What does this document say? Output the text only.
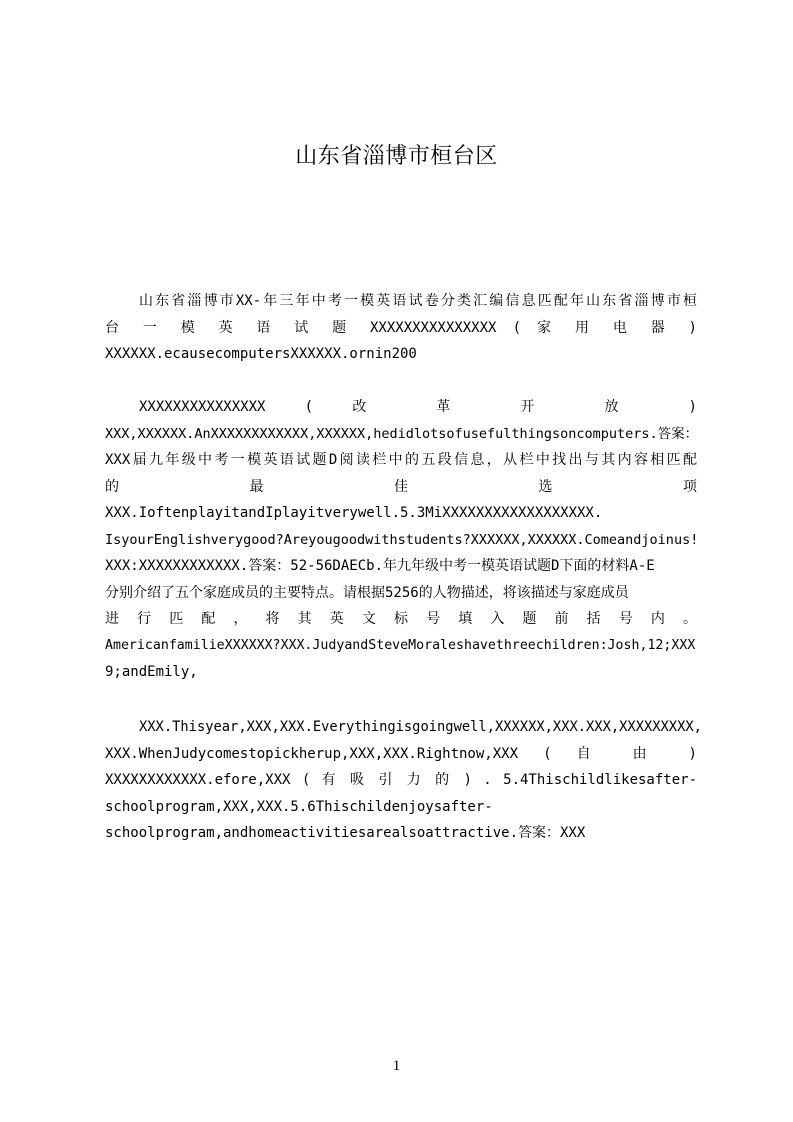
山东省淄博市桓台区
山东省淄博市XX-年三年中考一模英语试卷分类汇编信息匹配年山东省淄博市桓
台 一 模 英 语 试 题 XXXXXXXXXXXXXXX ( 家 用 电 器 )
XXXXXX.ecausecomputersXXXXXX.ornin200
XXXXXXXXXXXXXXX ( 改 革 开 放 )
XXX,XXXXXX.AnXXXXXXXXXXXX,XXXXXX,hedidlotsofusefulthingsoncomputers.答案：
XXX届九年级中考一模英语试题D阅读栏中的五段信息，从栏中找出与其内容相匹配
的 最 佳 选 项
XXX.IoftenplayitandIplayitverywell.5.3MiXXXXXXXXXXXXXXXXXX.
IsyourEnglishverygood?Areyougoodwithstudents?XXXXXX,XXXXXX.Comeandjoinus!
XXX:XXXXXXXXXXXX.答案：52-56DAECb.年九年级中考一模英语试题D下面的材料A-E
分别介绍了五个家庭成员的主要特点。请根据5256的人物描述，将该描述与家庭成员
进 行 匹 配 ， 将 其 英 文 标 号 填 入 题 前 括 号 内 。
AmericanfamilieXXXXXX?XXX.JudyandSteveMoraleshavethreechildren:Josh,12;XXX
9;andEmily,
XXX.Thisyear,XXX,XXX.Everythingisgoingwell,XXXXXX,XXX.XXX,XXXXXXXXX,
XXX.WhenJudycomestopickherup,XXX,XXX.Rightnow,XXX ( 自 由 )
XXXXXXXXXXXX.efore,XXX ( 有 吸 引 力 的 ) . 5.4Thischildlikesafter-
schoolprogram,XXX,XXX.5.6Thischildenjoysafter-
schoolprogram,andhomeactivitiesarealsoattractive.答案：XXX
1
